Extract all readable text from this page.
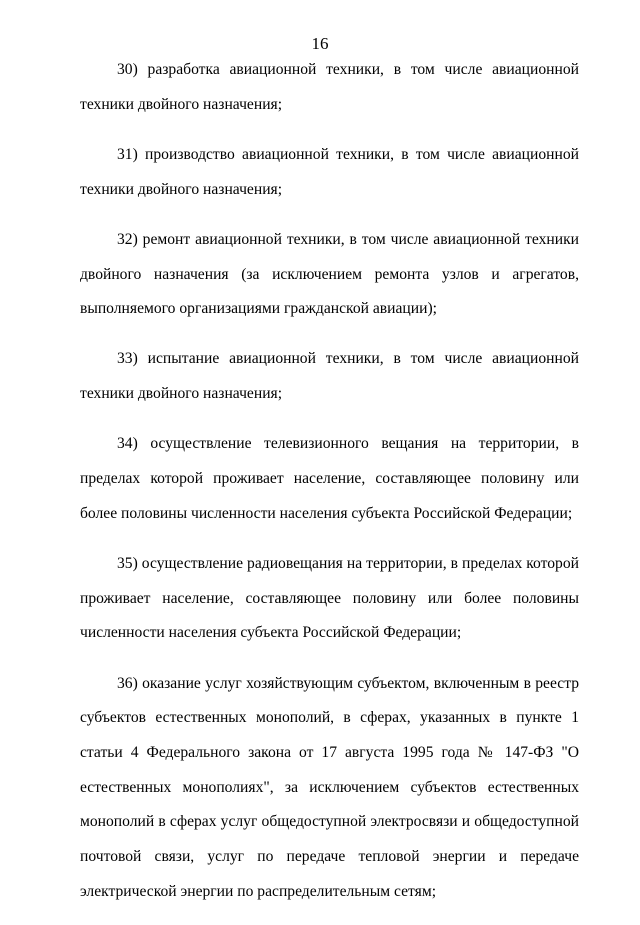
16

30) разработка авиационной техники, в том числе авиационной техники двойного назначения;

31) производство авиационной техники, в том числе авиационной техники двойного назначения;

32) ремонт авиационной техники, в том числе авиационной техники двойного назначения (за исключением ремонта узлов и агрегатов, выполняемого организациями гражданской авиации);

33) испытание авиационной техники, в том числе авиационной техники двойного назначения;

34) осуществление телевизионного вещания на территории, в пределах которой проживает население, составляющее половину или более половины численности населения субъекта Российской Федерации;

35) осуществление радиовещания на территории, в пределах которой проживает население, составляющее половину или более половины численности населения субъекта Российской Федерации;

36) оказание услуг хозяйствующим субъектом, включенным в реестр субъектов естественных монополий, в сферах, указанных в пункте 1 статьи 4 Федерального закона от 17 августа 1995 года № 147-ФЗ "О естественных монополиях", за исключением субъектов естественных монополий в сферах услуг общедоступной электросвязи и общедоступной почтовой связи, услуг по передаче тепловой энергии и передаче электрической энергии по распределительным сетям;
